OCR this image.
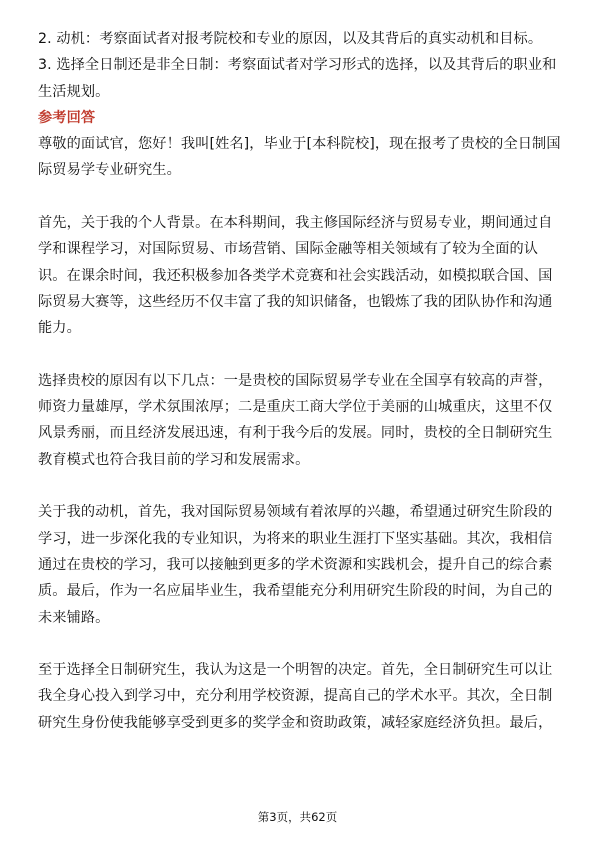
2. 动机：考察面试者对报考院校和专业的原因，以及其背后的真实动机和目标。
3. 选择全日制还是非全日制：考察面试者对学习形式的选择，以及其背后的职业和
生活规划。
参考回答
尊敬的面试官，您好！我叫[姓名]，毕业于[本科院校]，现在报考了贵校的全日制国
际贸易学专业研究生。
首先，关于我的个人背景。在本科期间，我主修国际经济与贸易专业，期间通过自
学和课程学习，对国际贸易、市场营销、国际金融等相关领域有了较为全面的认
识。在课余时间，我还积极参加各类学术竞赛和社会实践活动，如模拟联合国、国
际贸易大赛等，这些经历不仅丰富了我的知识储备，也锻炼了我的团队协作和沟通
能力。
选择贵校的原因有以下几点：一是贵校的国际贸易学专业在全国享有较高的声誉，
师资力量雄厚，学术氛围浓厚；二是重庆工商大学位于美丽的山城重庆，这里不仅
风景秀丽，而且经济发展迅速，有利于我今后的发展。同时，贵校的全日制研究生
教育模式也符合我目前的学习和发展需求。
关于我的动机，首先，我对国际贸易领域有着浓厚的兴趣，希望通过研究生阶段的
学习，进一步深化我的专业知识，为将来的职业生涯打下坚实基础。其次，我相信
通过在贵校的学习，我可以接触到更多的学术资源和实践机会，提升自己的综合素
质。最后，作为一名应届毕业生，我希望能充分利用研究生阶段的时间，为自己的
未来铺路。
至于选择全日制研究生，我认为这是一个明智的决定。首先，全日制研究生可以让
我全身心投入到学习中，充分利用学校资源，提高自己的学术水平。其次，全日制
研究生身份使我能够享受到更多的奖学金和资助政策，减轻家庭经济负担。最后，
第3页，共62页
